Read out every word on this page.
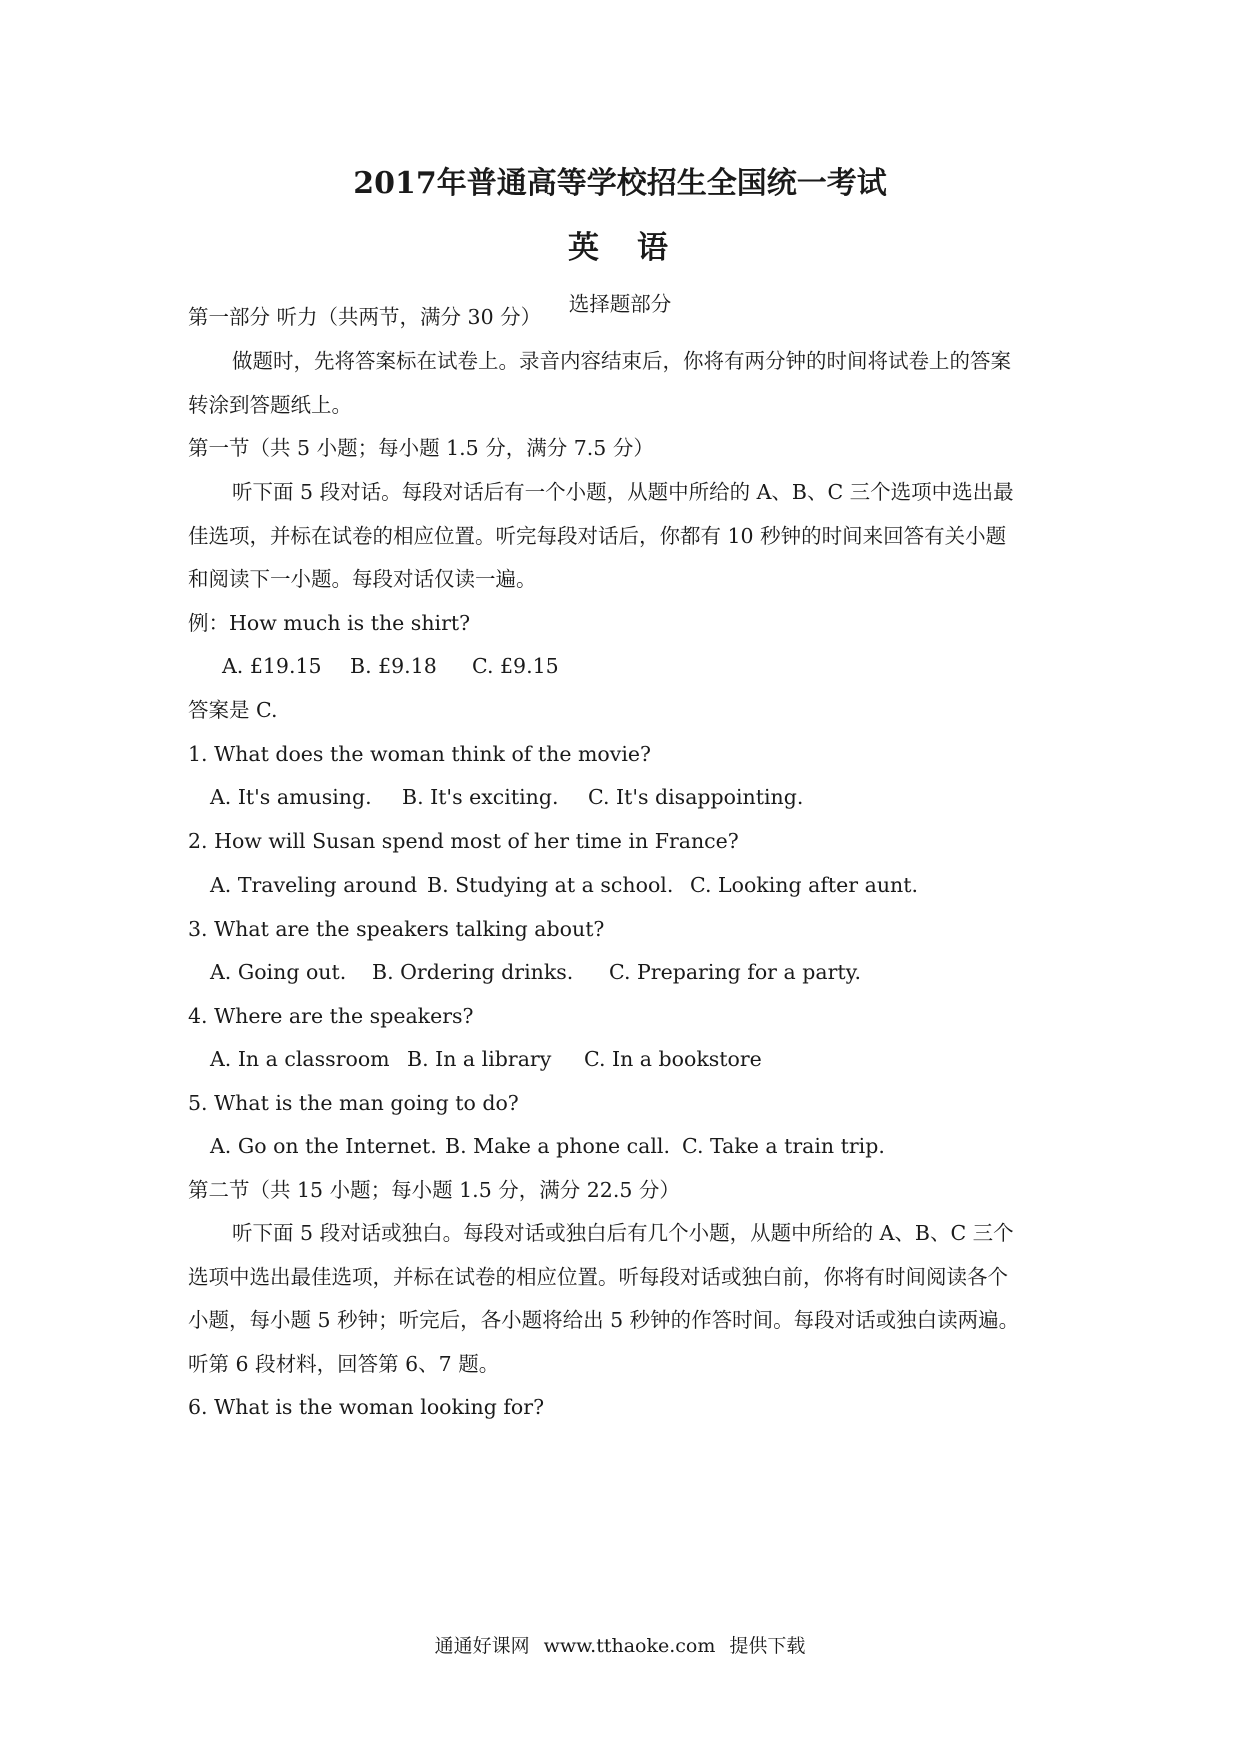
2017年普通高等学校招生全国统一考试
英 语
选择题部分
第一部分 听力（共两节，满分 30 分）
做题时，先将答案标在试卷上。录音内容结束后，你将有两分钟的时间将试卷上的答案
转涂到答题纸上。
第一节（共 5 小题；每小题 1.5 分，满分 7.5 分）
听下面 5 段对话。每段对话后有一个小题，从题中所给的 A、B、C 三个选项中选出最
佳选项，并标在试卷的相应位置。听完每段对话后，你都有 10 秒钟的时间来回答有关小题
和阅读下一小题。每段对话仅读一遍。
例：How much is the shirt?
A. £19.15 B. £9.18 C. £9.15
答案是 C.
1. What does the woman think of the movie?
A. It's amusing. B. It's exciting. C. It's disappointing.
2. How will Susan spend most of her time in France?
A. Traveling around B. Studying at a school. C. Looking after aunt.
3. What are the speakers talking about?
A. Going out. B. Ordering drinks. C. Preparing for a party.
4. Where are the speakers?
A. In a classroom B. In a library C. In a bookstore
5. What is the man going to do?
A. Go on the Internet. B. Make a phone call. C. Take a train trip.
第二节（共 15 小题；每小题 1.5 分，满分 22.5 分）
听下面 5 段对话或独白。每段对话或独白后有几个小题，从题中所给的 A、B、C 三个
选项中选出最佳选项，并标在试卷的相应位置。听每段对话或独白前，你将有时间阅读各个
小题，每小题 5 秒钟；听完后，各小题将给出 5 秒钟的作答时间。每段对话或独白读两遍。
听第 6 段材料，回答第 6、7 题。
6. What is the woman looking for?
通通好课网 www.tthaoke.com 提供下载
